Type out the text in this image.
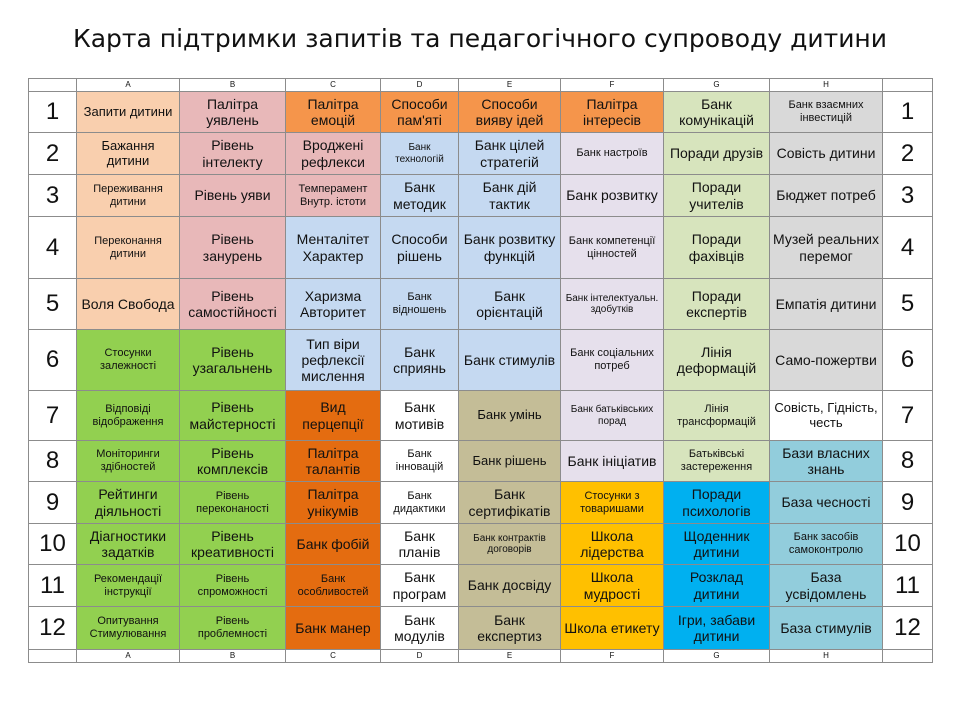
Карта підтримки запитів та педагогічного супроводу дитини
	A	B	C	D	E	F	G	H	
1	Запити дитини	Палітра уявлень	Палітра емоцій	Способи пам'яті	Способи вияву ідей	Палітра інтересів	Банк комунікацій	Банк взаємних інвестицій	1
2	Бажання дитини	Рівень інтелекту	Вроджені рефлекси	Банк технологій	Банк цілей стратегій	Банк настроїв	Поради друзів	Совість дитини	2
3	Переживання дитини	Рівень уяви	Темперамент Внутр. істоти	Банк методик	Банк дій тактик	Банк розвитку	Поради учителів	Бюджет потреб	3
4	Переконання дитини	Рівень занурень	Менталітет Характер	Способи рішень	Банк розвитку функцій	Банк компетенції цінностей	Поради фахівців	Музей реальних перемог	4
5	Воля Свобода	Рівень самостійності	Харизма Авторитет	Банк відношень	Банк орієнтацій	Банк інтелектуальн. здобутків	Поради експертів	Емпатія дитини	5
6	Стосунки залежності	Рівень узагальнень	Тип віри рефлексії мислення	Банк сприянь	Банк стимулів	Банк соціальних потреб	Лінія деформацій	Само-пожертви	6
7	Відповіді відображення	Рівень майстерності	Вид перцепції	Банк мотивів	Банк умінь	Банк батьківських порад	Лінія трансформацій	Совість, Гідність, честь	7
8	Моніторинги здібностей	Рівень комплексів	Палітра талантів	Банк інновацій	Банк рішень	Банк ініціатив	Батьківські застереження	Бази власних знань	8
9	Рейтинги діяльності	Рівень переконаності	Палітра унікумів	Банк дидактики	Банк сертифікатів	Стосунки з товаришами	Поради психологів	База чесності	9
10	Діагностики задатків	Рівень креативності	Банк фобій	Банк планів	Банк контрактів договорів	Школа лідерства	Щоденник дитини	Банк засобів самоконтролю	10
11	Рекомендації інструкції	Рівень спроможності	Банк особливостей	Банк програм	Банк досвіду	Школа мудрості	Розклад дитини	База усвідомлень	11
12	Опитування Стимулювання	Рівень проблемності	Банк манер	Банк модулів	Банк експертиз	Школа етикету	Ігри, забави дитини	База стимулів	12
	A	B	C	D	E	F	G	H	
